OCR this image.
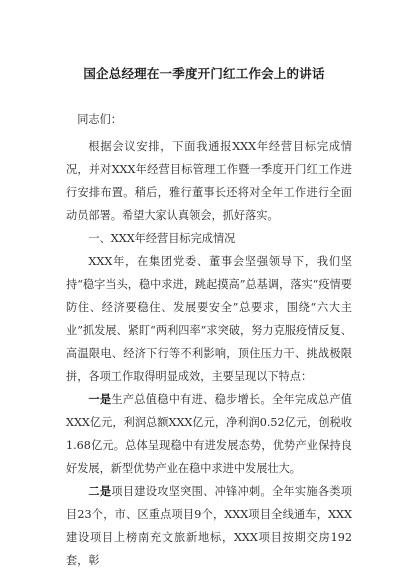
国企总经理在一季度开门红工作会上的讲话

同志们：

根据会议安排，下面我通报XXX年经营目标完成情况，并对XXX年经营目标管理工作暨一季度开门红工作进行安排布置。稍后，雅行董事长还将对全年工作进行全面动员部署。希望大家认真领会，抓好落实。

一、XXX年经营目标完成情况

XXX年，在集团党委、董事会坚强领导下，我们坚持“稳字当头，稳中求进，跳起摸高”总基调，落实“疫情要防住、经济要稳住、发展要安全”总要求，围绕“六大主业”抓发展、紧盯“两利四率”求突破，努力克服疫情反复、高温限电、经济下行等不利影响，顶住压力干、挑战极限拼，各项工作取得明显成效，主要呈现以下特点：

一是生产总值稳中有进、稳步增长。全年完成总产值XXX亿元，利润总额XXX亿元，净利润0.52亿元，创税收1.68亿元。总体呈现稳中有进发展态势，优势产业保持良好发展，新型优势产业在稳中求进中发展壮大。

二是项目建设攻坚突围、冲锋冲刺。全年实施各类项目23个，市、区重点项目9个，XXX项目全线通车，XXX建设项目上榜南充文旅新地标，XXX项目按期交房192套，彰
